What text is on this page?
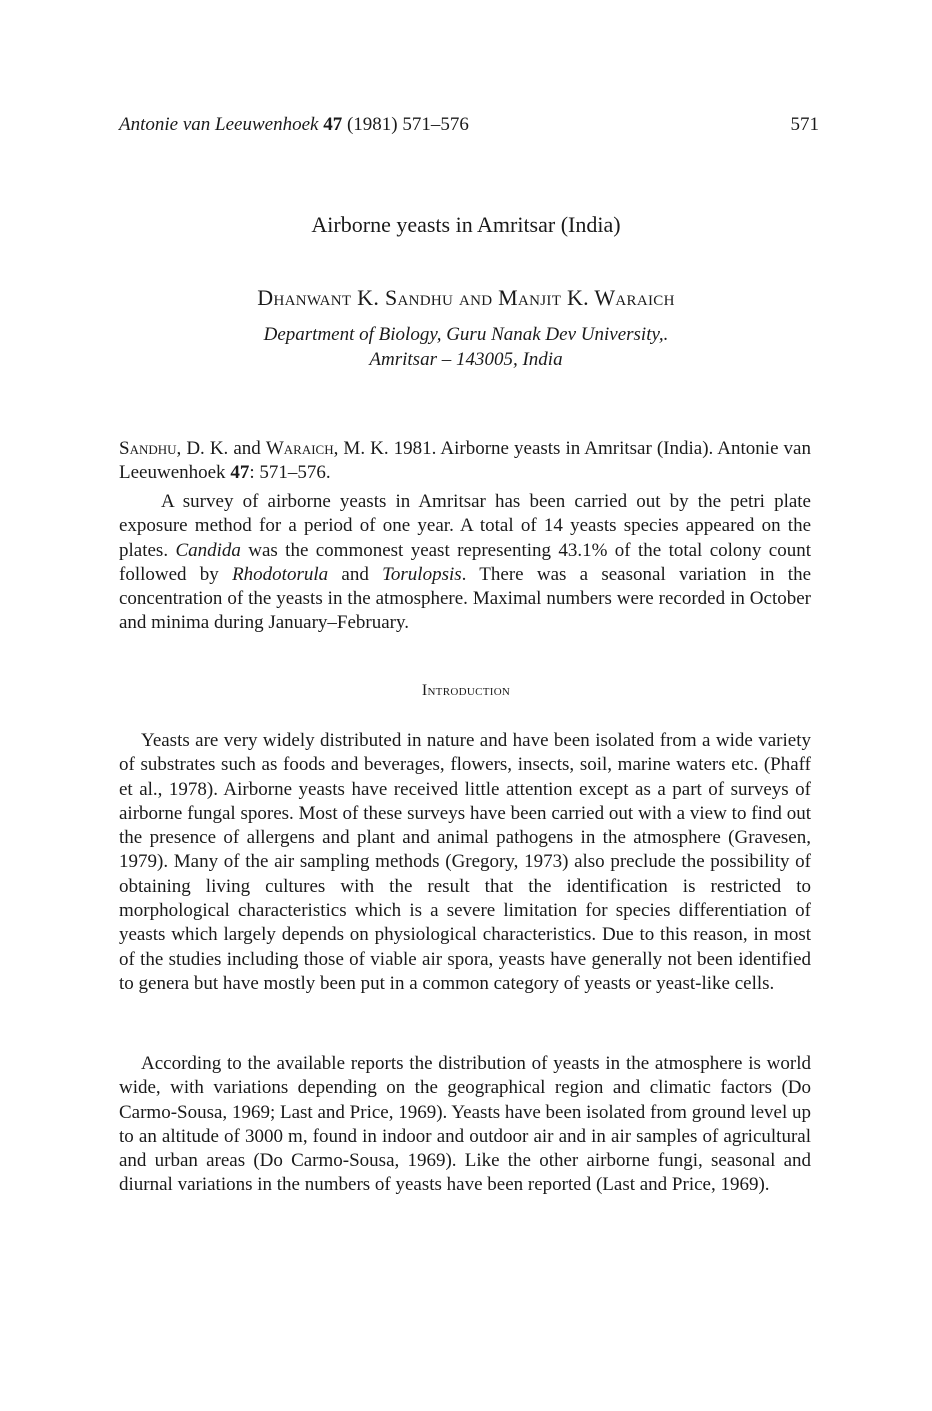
Antonie van Leeuwenhoek 47 (1981) 571–576	571
Airborne yeasts in Amritsar (India)
Dhanwant K. Sandhu and Manjit K. Waraich
Department of Biology, Guru Nanak Dev University,.
Amritsar – 143005, India
Sandhu, D. K. and Waraich, M. K. 1981. Airborne yeasts in Amritsar (India). Antonie van Leeuwenhoek 47: 571–576.
A survey of airborne yeasts in Amritsar has been carried out by the petri plate exposure method for a period of one year. A total of 14 yeasts species appeared on the plates. Candida was the commonest yeast representing 43.1% of the total colony count followed by Rhodotorula and Torulopsis. There was a seasonal variation in the concentration of the yeasts in the atmosphere. Maximal numbers were recorded in October and minima during January–February.
Introduction
Yeasts are very widely distributed in nature and have been isolated from a wide variety of substrates such as foods and beverages, flowers, insects, soil, marine waters etc. (Phaff et al., 1978). Airborne yeasts have received little attention except as a part of surveys of airborne fungal spores. Most of these surveys have been carried out with a view to find out the presence of allergens and plant and animal pathogens in the atmosphere (Gravesen, 1979). Many of the air sampling methods (Gregory, 1973) also preclude the possibility of obtaining living cultures with the result that the identification is restricted to morphological characteristics which is a severe limitation for species differentiation of yeasts which largely depends on physiological characteristics. Due to this reason, in most of the studies including those of viable air spora, yeasts have generally not been identified to genera but have mostly been put in a common category of yeasts or yeast-like cells.
According to the available reports the distribution of yeasts in the atmosphere is world wide, with variations depending on the geographical region and climatic factors (Do Carmo-Sousa, 1969; Last and Price, 1969). Yeasts have been isolated from ground level up to an altitude of 3000 m, found in indoor and outdoor air and in air samples of agricultural and urban areas (Do Carmo-Sousa, 1969). Like the other airborne fungi, seasonal and diurnal variations in the numbers of yeasts have been reported (Last and Price, 1969).
